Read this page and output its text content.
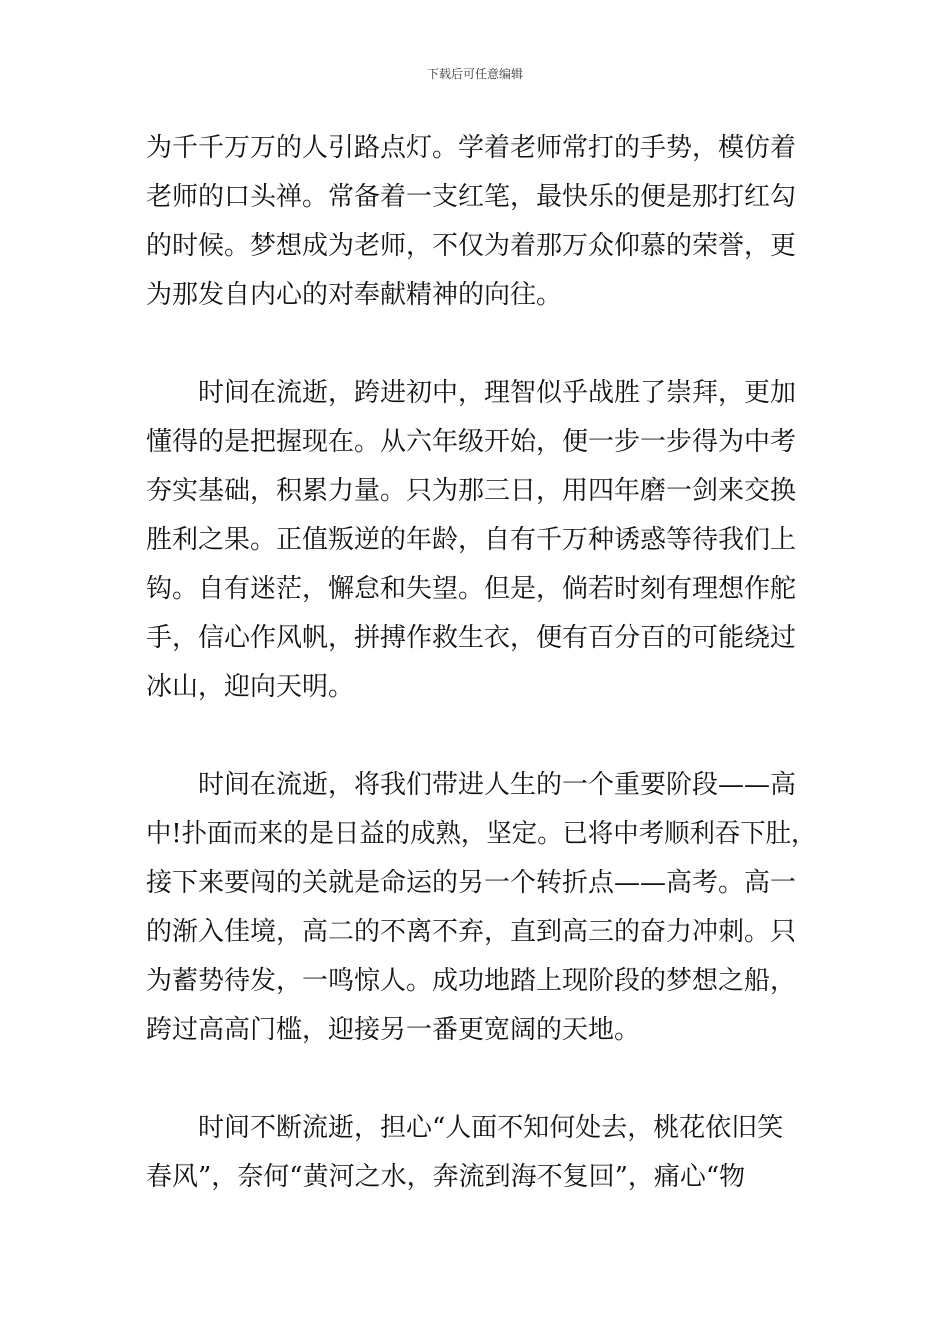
下载后可任意编辑
为千千万万的人引路点灯。学着老师常打的手势，模仿着
老师的口头禅。常备着一支红笔，最快乐的便是那打红勾
的时候。梦想成为老师，不仅为着那万众仰慕的荣誉，更
为那发自内心的对奉献精神的向往。
时间在流逝，跨进初中，理智似乎战胜了崇拜，更加
懂得的是把握现在。从六年级开始，便一步一步得为中考
夯实基础，积累力量。只为那三日，用四年磨一剑来交换
胜利之果。正值叛逆的年龄，自有千万种诱惑等待我们上
钩。自有迷茫，懈怠和失望。但是，倘若时刻有理想作舵
手，信心作风帆，拼搏作救生衣，便有百分百的可能绕过
冰山，迎向天明。
时间在流逝，将我们带进人生的一个重要阶段——高
中!扑面而来的是日益的成熟，坚定。已将中考顺利吞下肚，
接下来要闯的关就是命运的另一个转折点——高考。高一
的渐入佳境，高二的不离不弃，直到高三的奋力冲刺。只
为蓄势待发，一鸣惊人。成功地踏上现阶段的梦想之船，
跨过高高门槛，迎接另一番更宽阔的天地。
时间不断流逝，担心“人面不知何处去，桃花依旧笑
春风”，奈何“黄河之水，奔流到海不复回”，痛心“物
